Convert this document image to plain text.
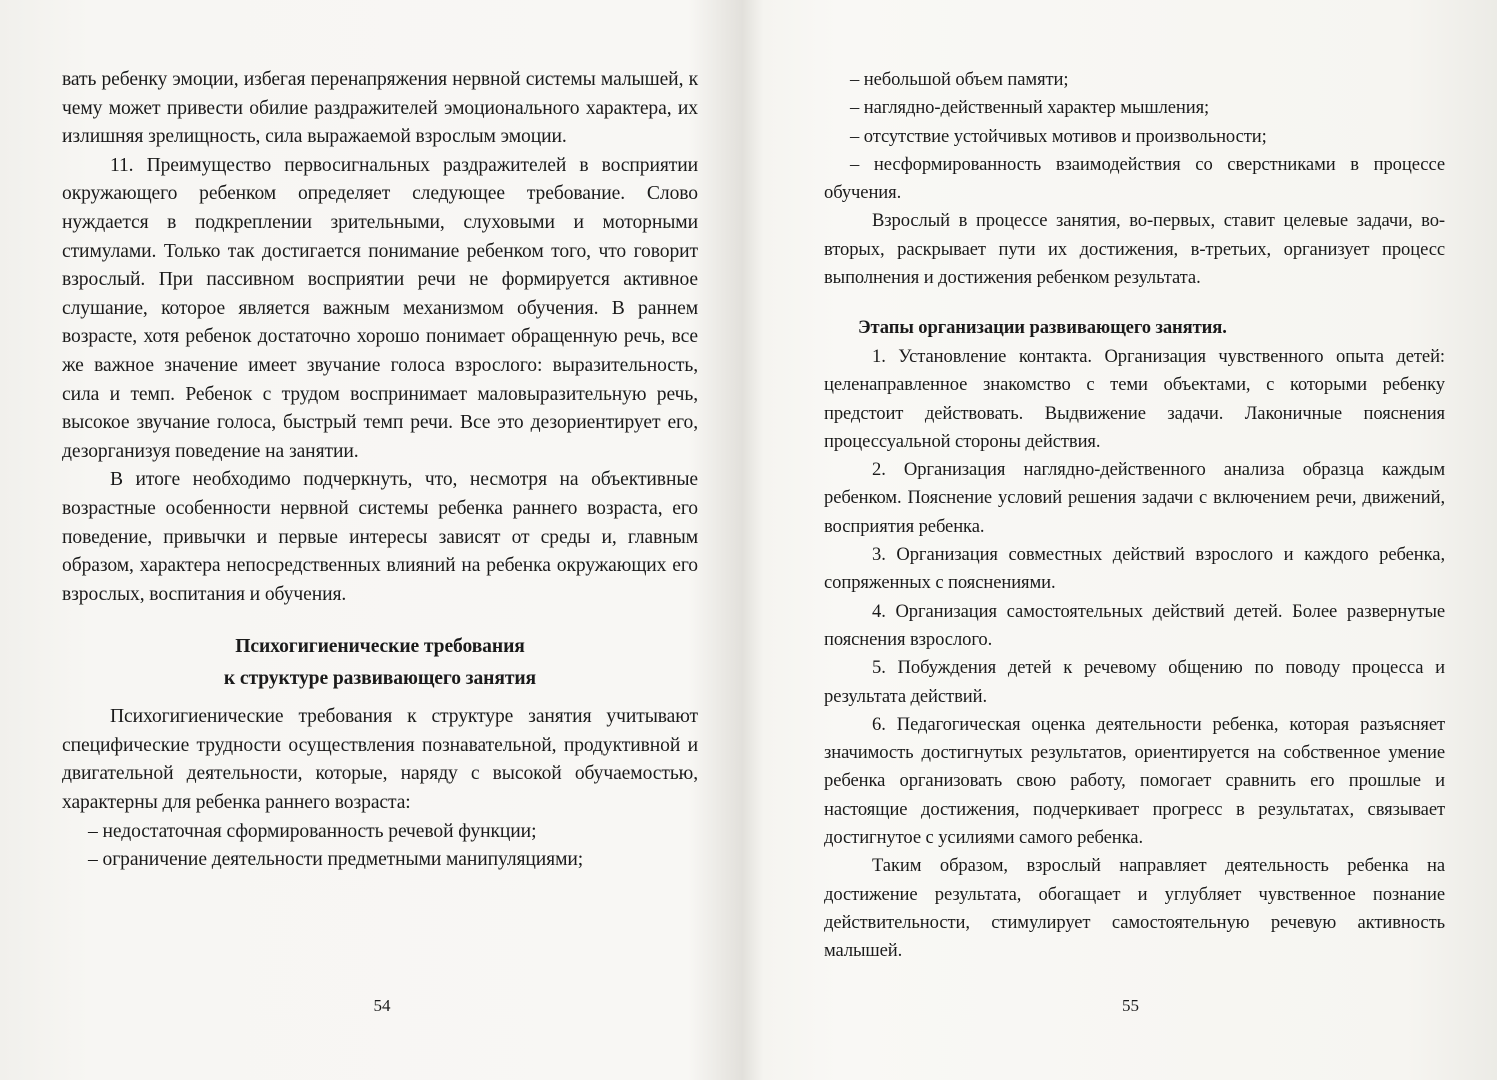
вать ребенку эмоции, избегая перенапряжения нервной системы малышей, к чему может привести обилие раздражителей эмоционального характера, их излишняя зрелищность, сила выражаемой взрослым эмоции.

11. Преимущество первосигнальных раздражителей в восприятии окружающего ребенком определяет следующее требование. Слово нуждается в подкреплении зрительными, слуховыми и моторными стимулами. Только так достигается понимание ребенком того, что говорит взрослый. При пассивном восприятии речи не формируется активное слушание, которое является важным механизмом обучения. В раннем возрасте, хотя ребенок достаточно хорошо понимает обращенную речь, все же важное значение имеет звучание голоса взрослого: выразительность, сила и темп. Ребенок с трудом воспринимает маловыразительную речь, высокое звучание голоса, быстрый темп речи. Все это дезориентирует его, дезорганизуя поведение на занятии.

В итоге необходимо подчеркнуть, что, несмотря на объективные возрастные особенности нервной системы ребенка раннего возраста, его поведение, привычки и первые интересы зависят от среды и, главным образом, характера непосредственных влияний на ребенка окружающих его взрослых, воспитания и обучения.

Психогигиенические требования
к структуре развивающего занятия

Психогигиенические требования к структуре занятия учитывают специфические трудности осуществления познавательной, продуктивной и двигательной деятельности, которые, наряду с высокой обучаемостью, характерны для ребенка раннего возраста:

– недостаточная сформированность речевой функции;

– ограничение деятельности предметными манипуляциями;

54

– небольшой объем памяти;

– наглядно-действенный характер мышления;

– отсутствие устойчивых мотивов и произвольности;

– несформированность взаимодействия со сверстниками в процессе обучения.

Взрослый в процессе занятия, во-первых, ставит целевые задачи, во-вторых, раскрывает пути их достижения, в-третьих, организует процесс выполнения и достижения ребенком результата.

Этапы организации развивающего занятия.

1. Установление контакта. Организация чувственного опыта детей: целенаправленное знакомство с теми объектами, с которыми ребенку предстоит действовать. Выдвижение задачи. Лаконичные пояснения процессуальной стороны действия.

2. Организация наглядно-действенного анализа образца каждым ребенком. Пояснение условий решения задачи с включением речи, движений, восприятия ребенка.

3. Организация совместных действий взрослого и каждого ребенка, сопряженных с пояснениями.

4. Организация самостоятельных действий детей. Более развернутые пояснения взрослого.

5. Побуждения детей к речевому общению по поводу процесса и результата действий.

6. Педагогическая оценка деятельности ребенка, которая разъясняет значимость достигнутых результатов, ориентируется на собственное умение ребенка организовать свою работу, помогает сравнить его прошлые и настоящие достижения, подчеркивает прогресс в результатах, связывает достигнутое с усилиями самого ребенка.

Таким образом, взрослый направляет деятельность ребенка на достижение результата, обогащает и углубляет чувственное познание действительности, стимулирует самостоятельную речевую активность малышей.

55
